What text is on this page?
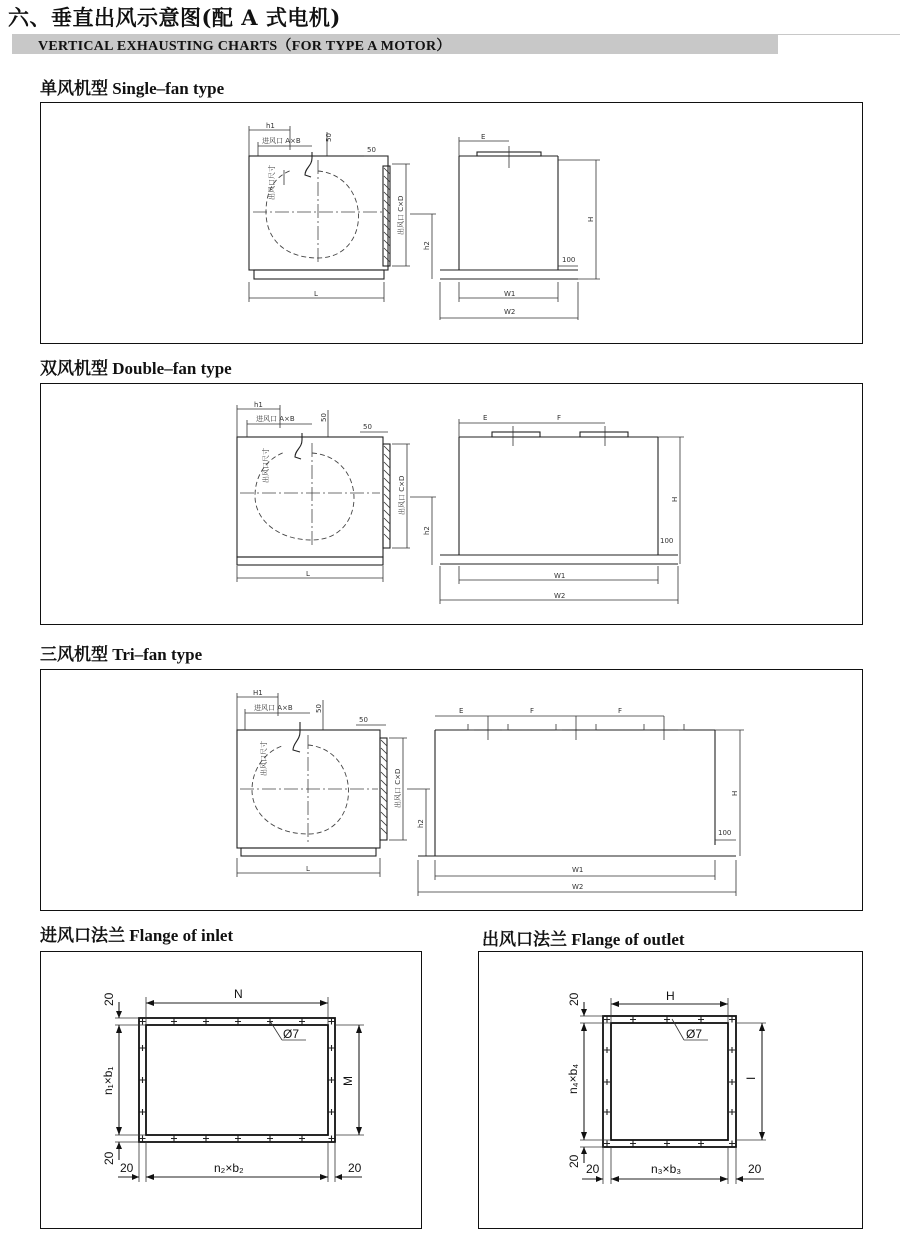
六、垂直出风示意图(配 A 式电机)
VERTICAL EXHAUSTING CHARTS（FOR TYPE A MOTOR）
单风机型 Single–fan type
双风机型 Double–fan type
三风机型 Tri–fan type
进风口法兰 Flange of inlet	出风口法兰 Flange of outlet
h1
进风口 A×B	50
50
出风口尺寸
出风口 C×D
h2
L
E
H
100
W1
W2
h1
进风口 A×B	50
50
出风口尺寸
出风口 C×D
h2
L
E	F
H
100
W1
W2
H1
进风口 A×B	50
50
出风口尺寸
出风口 C×D
h2
L
E	F	F
H
100
W1
W2
N
20
n₁×b₁
20
M
Ø7
n₂×b₂
20	20
H
20
n₄×b₄
20
I
Ø7
n₃×b₃
20	20
